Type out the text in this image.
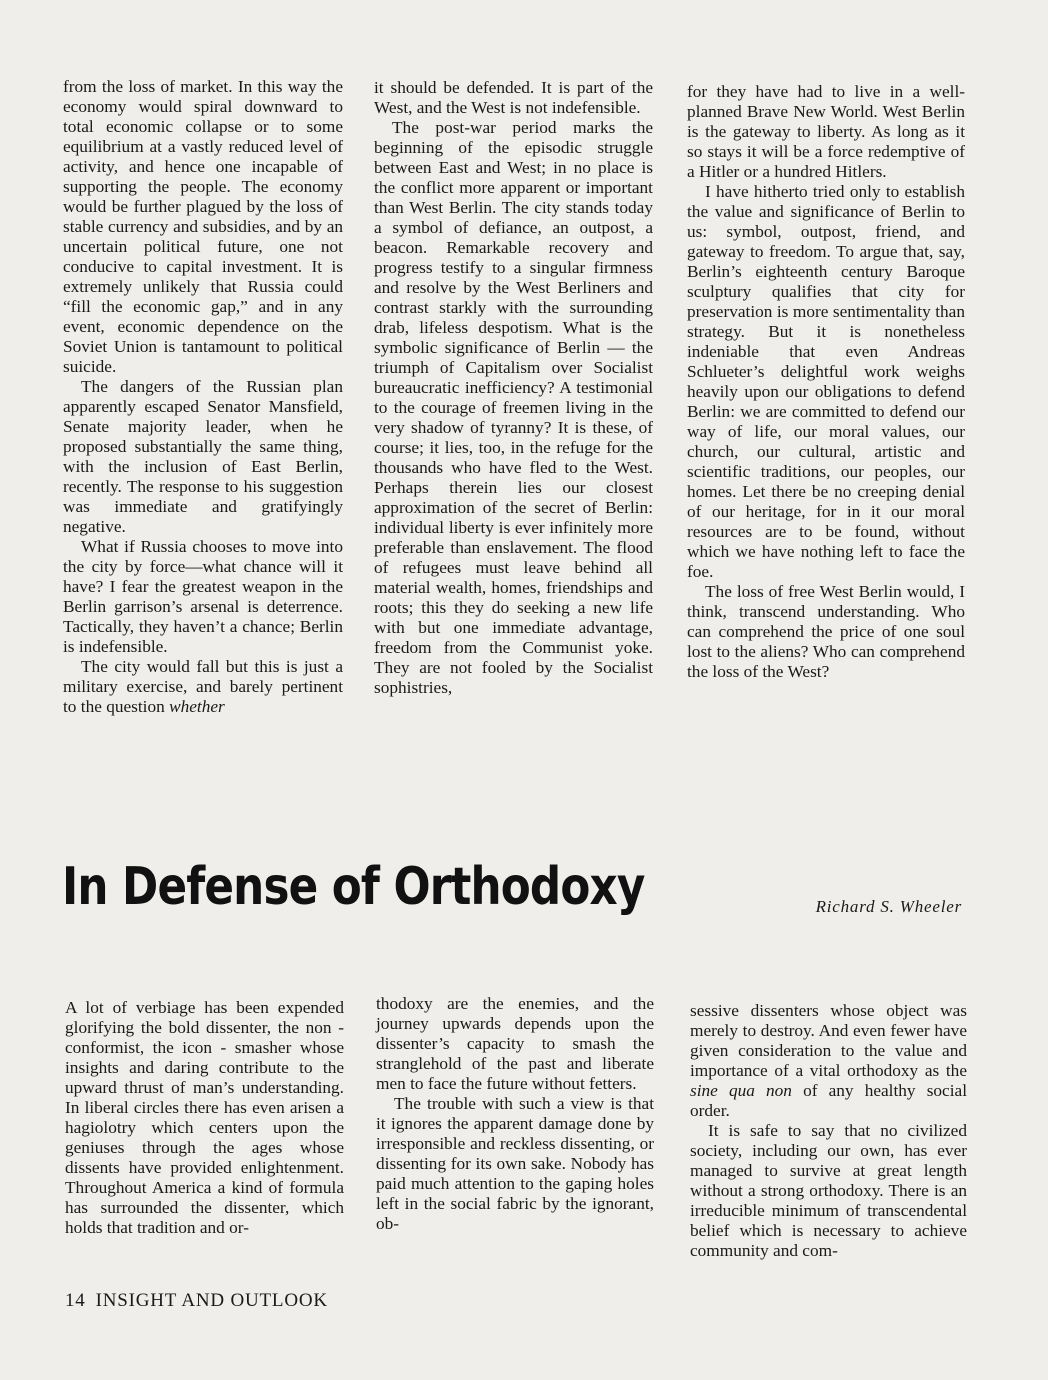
from the loss of market. In this way the economy would spiral downward to total economic collapse or to some equilibrium at a vastly reduced level of activity, and hence one incapable of supporting the people. The economy would be further plagued by the loss of stable currency and subsidies, and by an uncertain political future, one not conducive to capital investment. It is extremely unlikely that Russia could “fill the economic gap,” and in any event, economic dependence on the Soviet Union is tantamount to political suicide.

The dangers of the Russian plan apparently escaped Senator Mansfield, Senate majority leader, when he proposed substantially the same thing, with the inclusion of East Berlin, recently. The response to his suggestion was immediate and gratifyingly negative.

What if Russia chooses to move into the city by force—what chance will it have? I fear the greatest weapon in the Berlin garrison’s arsenal is deterrence. Tactically, they haven’t a chance; Berlin is indefensible.

The city would fall but this is just a military exercise, and barely pertinent to the question whether

it should be defended. It is part of the West, and the West is not indefensible.

The post-war period marks the beginning of the episodic struggle between East and West; in no place is the conflict more apparent or important than West Berlin. The city stands today a symbol of defiance, an outpost, a beacon. Remarkable recovery and progress testify to a singular firmness and resolve by the West Berliners and contrast starkly with the surrounding drab, lifeless despotism. What is the symbolic significance of Berlin — the triumph of Capitalism over Socialist bureaucratic inefficiency? A testimonial to the courage of freemen living in the very shadow of tyranny? It is these, of course; it lies, too, in the refuge for the thousands who have fled to the West. Perhaps therein lies our closest approximation of the secret of Berlin: individual liberty is ever infinitely more preferable than enslavement. The flood of refugees must leave behind all material wealth, homes, friendships and roots; this they do seeking a new life with but one immediate advantage, freedom from the Communist yoke. They are not fooled by the Socialist sophistries,

for they have had to live in a well-planned Brave New World. West Berlin is the gateway to liberty. As long as it so stays it will be a force redemptive of a Hitler or a hundred Hitlers.

I have hitherto tried only to establish the value and significance of Berlin to us: symbol, outpost, friend, and gateway to freedom. To argue that, say, Berlin’s eighteenth century Baroque sculptury qualifies that city for preservation is more sentimentality than strategy. But it is nonetheless indeniable that even Andreas Schlueter’s delightful work weighs heavily upon our obligations to defend Berlin: we are committed to defend our way of life, our moral values, our church, our cultural, artistic and scientific traditions, our peoples, our homes. Let there be no creeping denial of our heritage, for in it our moral resources are to be found, without which we have nothing left to face the foe.

The loss of free West Berlin would, I think, transcend understanding. Who can comprehend the price of one soul lost to the aliens? Who can comprehend the loss of the West?

In Defense of Orthodoxy	Richard S. Wheeler

A lot of verbiage has been expended glorifying the bold dissenter, the non - conformist, the icon - smasher whose insights and daring contribute to the upward thrust of man’s understanding. In liberal circles there has even arisen a hagiolotry which centers upon the geniuses through the ages whose dissents have provided enlightenment. Throughout America a kind of formula has surrounded the dissenter, which holds that tradition and or-

thodoxy are the enemies, and the journey upwards depends upon the dissenter’s capacity to smash the stranglehold of the past and liberate men to face the future without fetters.

The trouble with such a view is that it ignores the apparent damage done by irresponsible and reckless dissenting, or dissenting for its own sake. Nobody has paid much attention to the gaping holes left in the social fabric by the ignorant, ob-

sessive dissenters whose object was merely to destroy. And even fewer have given consideration to the value and importance of a vital orthodoxy as the sine qua non of any healthy social order.

It is safe to say that no civilized society, including our own, has ever managed to survive at great length without a strong orthodoxy. There is an irreducible minimum of transcendental belief which is necessary to achieve community and com-

14 INSIGHT AND OUTLOOK
